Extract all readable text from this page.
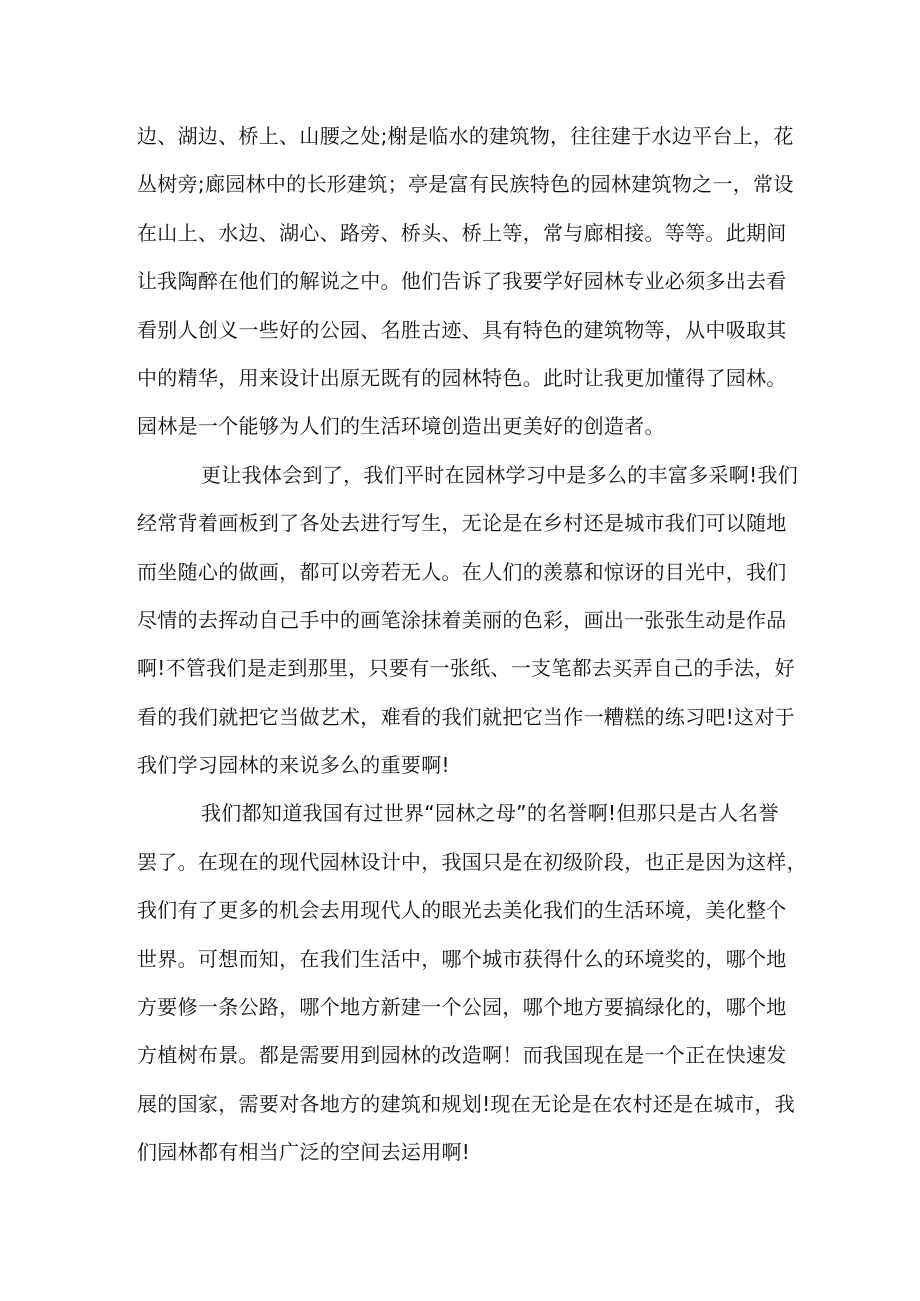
边、湖边、桥上、山腰之处;榭是临水的建筑物，往往建于水边平台上，花
丛树旁;廊园林中的长形建筑；亭是富有民族特色的园林建筑物之一，常设
在山上、水边、湖心、路旁、桥头、桥上等，常与廊相接。等等。此期间
让我陶醉在他们的解说之中。他们告诉了我要学好园林专业必须多出去看
看别人创义一些好的公园、名胜古迹、具有特色的建筑物等，从中吸取其
中的精华，用来设计出原无既有的园林特色。此时让我更加懂得了园林。
园林是一个能够为人们的生活环境创造出更美好的创造者。
更让我体会到了，我们平时在园林学习中是多么的丰富多采啊!我们
经常背着画板到了各处去进行写生，无论是在乡村还是城市我们可以随地
而坐随心的做画，都可以旁若无人。在人们的羡慕和惊讶的目光中，我们
尽情的去挥动自己手中的画笔涂抹着美丽的色彩，画出一张张生动是作品
啊!不管我们是走到那里，只要有一张纸、一支笔都去买弄自己的手法，好
看的我们就把它当做艺术，难看的我们就把它当作一糟糕的练习吧!这对于
我们学习园林的来说多么的重要啊!
我们都知道我国有过世界“园林之母”的名誉啊!但那只是古人名誉
罢了。在现在的现代园林设计中，我国只是在初级阶段，也正是因为这样，
我们有了更多的机会去用现代人的眼光去美化我们的生活环境，美化整个
世界。可想而知，在我们生活中，哪个城市获得什么的环境奖的，哪个地
方要修一条公路，哪个地方新建一个公园，哪个地方要搞绿化的，哪个地
方植树布景。都是需要用到园林的改造啊！而我国现在是一个正在快速发
展的国家，需要对各地方的建筑和规划!现在无论是在农村还是在城市，我
们园林都有相当广泛的空间去运用啊!
